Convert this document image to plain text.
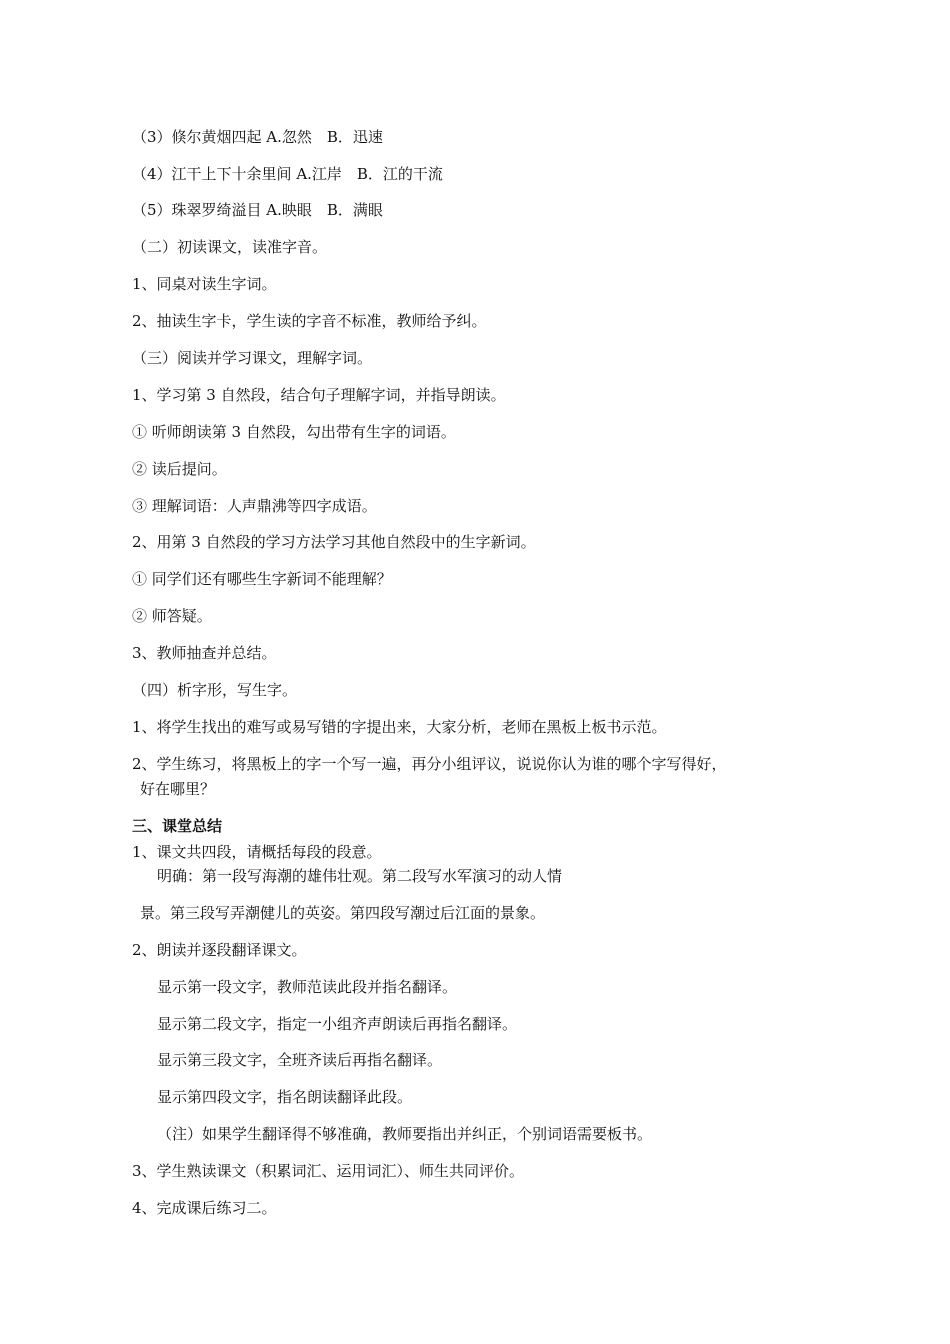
（3）倏尔黄烟四起 A.忽然　B．迅速
（4）江干上下十余里间 A.江岸　B．江的干流
（5）珠翠罗绮溢目 A.映眼　B．满眼
（二）初读课文，读准字音。
1、同桌对读生字词。
2、抽读生字卡，学生读的字音不标准，教师给予纠。
（三）阅读并学习课文，理解字词。
1、学习第 3 自然段，结合句子理解字词，并指导朗读。
① 听师朗读第 3 自然段，勾出带有生字的词语。
② 读后提问。
③ 理解词语：人声鼎沸等四字成语。
2、用第 3 自然段的学习方法学习其他自然段中的生字新词。
① 同学们还有哪些生字新词不能理解？
② 师答疑。
3、教师抽查并总结。
（四）析字形，写生字。
1、将学生找出的难写或易写错的字提出来，大家分析，老师在黑板上板书示范。
2、学生练习，将黑板上的字一个写一遍，再分小组评议，说说你认为谁的哪个字写得好，
好在哪里？
三、课堂总结
1、课文共四段，请概括每段的段意。
明确：第一段写海潮的雄伟壮观。第二段写水军演习的动人情
景。第三段写弄潮健儿的英姿。第四段写潮过后江面的景象。
2、朗读并逐段翻译课文。
显示第一段文字，教师范读此段并指名翻译。
显示第二段文字，指定一小组齐声朗读后再指名翻译。
显示第三段文字，全班齐读后再指名翻译。
显示第四段文字，指名朗读翻译此段。
（注）如果学生翻译得不够准确，教师要指出并纠正，个别词语需要板书。
3、学生熟读课文（积累词汇、运用词汇）、师生共同评价。
4、完成课后练习二。
